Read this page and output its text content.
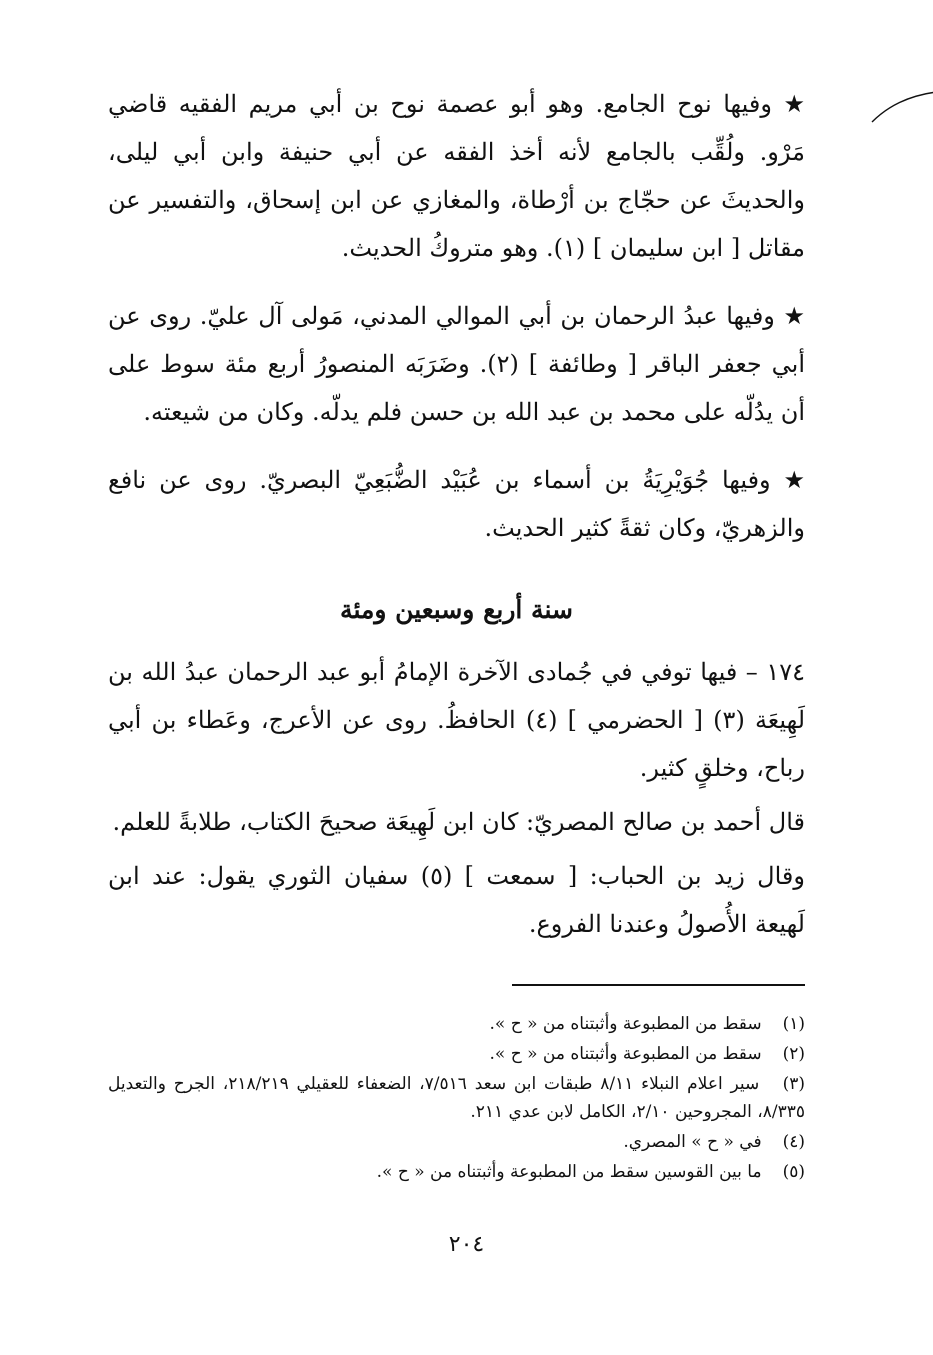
★ وفيها نوح الجامع. وهو أبو عصمة نوح بن أبي مريم الفقيه قاضي مَرْو. ولُقِّب بالجامع لأنه أخذ الفقه عن أبي حنيفة وابن أبي ليلى، والحديثَ عن حجّاج بن أرْطاة، والمغازي عن ابن إسحاق، والتفسير عن مقاتل [ ابن سليمان ] (١). وهو متروكُ الحديث.

★ وفيها عبدُ الرحمان بن أبي الموالي المدني، مَولى آل عليّ. روى عن أبي جعفر الباقر [ وطائفة ] (٢). وضَرَبَه المنصورُ أربع مئة سوط على أن يدُلّه على محمد بن عبد الله بن حسن فلم يدلّه. وكان من شيعته.

★ وفيها جُوَيْرِيَةُ بن أسماء بن عُبَيْد الضُّبَعِيّ البصريّ. روى عن نافع والزهريّ، وكان ثقةً كثير الحديث.

سنة أربع وسبعين ومئة

١٧٤ – فيها توفي في جُمادى الآخرة الإمامُ أبو عبد الرحمان عبدُ الله بن لَهِيعَة (٣) [ الحضرمي ] (٤) الحافظُ. روى عن الأعرج، وعَطاء بن أبي رباح، وخلقٍ كثير.

قال أحمد بن صالح المصريّ: كان ابن لَهِيعَة صحيحَ الكتاب، طلابةً للعلم.

وقال زيد بن الحباب: [ سمعت ] (٥) سفيان الثوري يقول: عند ابن لَهيعة الأُصولُ وعندنا الفروع.

(١) سقط من المطبوعة وأثبتناه من « ح ».

(٢) سقط من المطبوعة وأثبتناه من « ح ».

(٣) سير اعلام النبلاء ٨/١١ طبقات ابن سعد ٧/٥١٦، الضعفاء للعقيلي ٢١٨/٢١٩، الجرح والتعديل ٨/٣٣٥، المجروحين ٢/١٠، الكامل لابن عدي ٢١١.

(٤) في « ح » المصري.

(٥) ما بين القوسين سقط من المطبوعة وأثبتناه من « ح ».

٢٠٤
